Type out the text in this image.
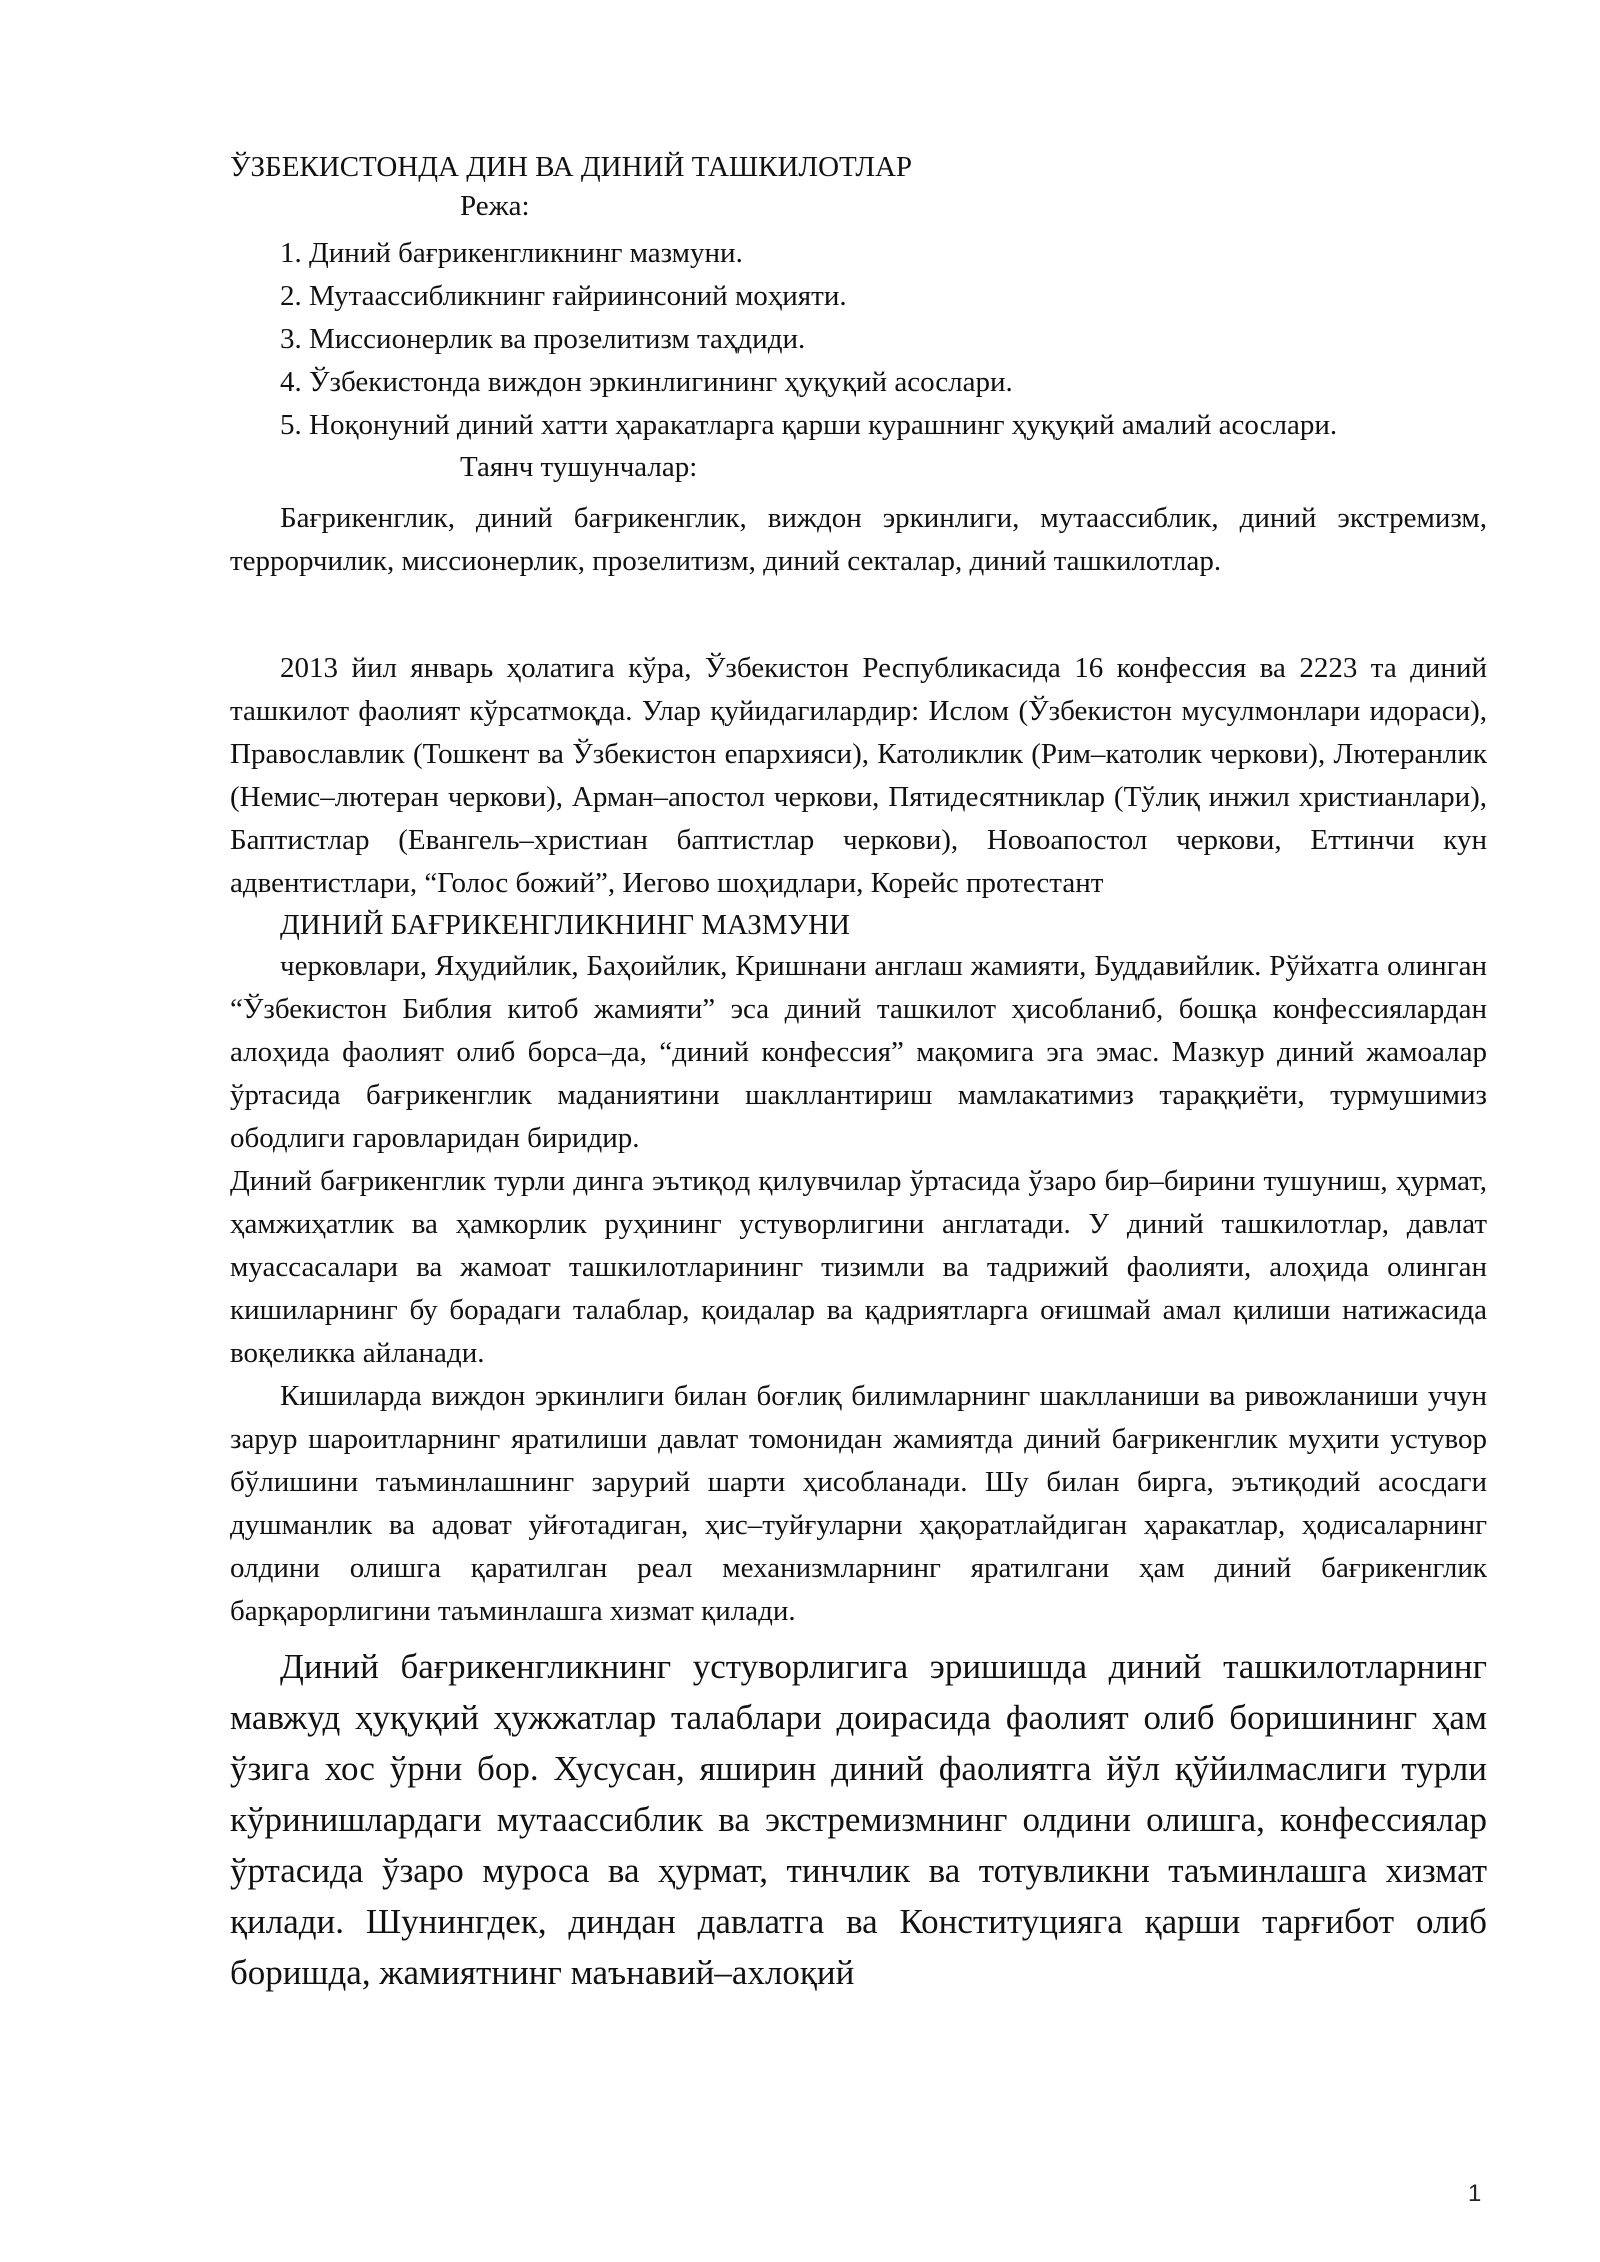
ЎЗБЕКИСТОНДА ДИН ВА ДИНИЙ ТАШКИЛОТЛАР
Режа:
1. Диний бағрикенгликнинг мазмуни.
2. Мутаассибликнинг ғайриинсоний моҳияти.
3. Миссионерлик ва прозелитизм таҳдиди.
4. Ўзбекистонда виждон эркинлигининг ҳуқуқий асослари.
5. Ноқонуний диний хатти ҳаракатларга қарши курашнинг ҳуқуқий амалий асослари.
Таянч тушунчалар:

Бағрикенглик, диний бағрикенглик, виждон эркинлиги, мутаассиблик, диний экстремизм, террорчилик, миссионерлик, прозелитизм, диний секталар, диний ташкилотлар.

2013 йил январь ҳолатига кўра, Ўзбекистон Республикасида 16 конфессия ва 2223 та диний ташкилот фаолият кўрсатмоқда. Улар қуйидагилардир: Ислом (Ўзбекистон мусулмонлари идораси), Православлик (Тошкент ва Ўзбекистон епархияси), Католиклик (Рим–католик черкови), Лютеранлик (Немис–лютеран черкови), Арман–апостол черкови, Пятидесятниклар (Тўлиқ инжил христианлари), Баптистлар (Евангель–христиан баптистлар черкови), Новоапостол черкови, Еттинчи кун адвентистлари, “Голос божий”, Иегово шоҳидлари, Корейс протестант

ДИНИЙ БАҒРИКЕНГЛИКНИНГ МАЗМУНИ

черковлари, Яҳудийлик, Баҳоийлик, Кришнани англаш жамияти, Буддавийлик. Рўйхатга олинган “Ўзбекистон Библия китоб жамияти” эса диний ташкилот ҳисобланиб, бошқа конфессиялардан алоҳида фаолият олиб борса–да, “диний конфессия” мақомига эга эмас. Мазкур диний жамоалар ўртасида бағрикенглик маданиятини шакллантириш мамлакатимиз тараққиёти, турмушимиз ободлиги гаровларидан биридир.

Диний бағрикенглик турли динга эътиқод қилувчилар ўртасида ўзаро бир–бирини тушуниш, ҳурмат, ҳамжиҳатлик ва ҳамкорлик руҳининг устуворлигини англатади. У диний ташкилотлар, давлат муассасалари ва жамоат ташкилотларининг тизимли ва тадрижий фаолияти, алоҳида олинган кишиларнинг бу борадаги талаблар, қоидалар ва қадриятларга оғишмай амал қилиши натижасида воқеликка айланади.

Кишиларда виждон эркинлиги билан боғлиқ билимларнинг шаклланиши ва ривожланиши учун зарур шароитларнинг яратилиши давлат томонидан жамиятда диний бағрикенглик муҳити устувор бўлишини таъминлашнинг зарурий шарти ҳисобланади. Шу билан бирга, эътиқодий асосдаги душманлик ва адоват уйғотадиган, ҳис–туйғуларни ҳақоратлайдиган ҳаракатлар, ҳодисаларнинг олдини олишга қаратилган реал механизмларнинг яратилгани ҳам диний бағрикенглик барқарорлигини таъминлашга хизмат қилади.

Диний бағрикенгликнинг устуворлигига эришишда диний ташкилотларнинг мавжуд ҳуқуқий ҳужжатлар талаблари доирасида фаолият олиб боришининг ҳам ўзига хос ўрни бор. Хусусан, яширин диний фаолиятга йўл қўйилмаслиги турли кўринишлардаги мутаассиблик ва экстремизмнинг олдини олишга, конфессиялар ўртасида ўзаро муроса ва ҳурмат, тинчлик ва тотувликни таъминлашга хизмат қилади. Шунингдек, диндан давлатга ва Конституцияга қарши тарғибот олиб боришда, жамиятнинг маънавий–ахлоқий

1
